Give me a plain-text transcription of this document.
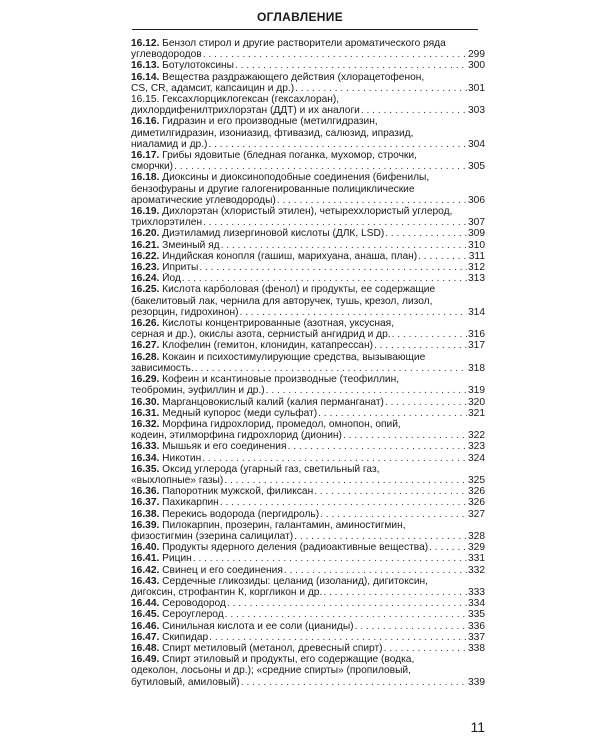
ОГЛАВЛЕНИЕ
16.12.
Бензол стирол и другие растворители ароматического ряда
углеводородов . . .	299
16.13.
Ботулотоксины . . .	300
16.14.
Вещества раздражающего действия (хлорацетофенон,
CS, CR, адамсит, капсаицин и др.) . . .	301
16.15.
Гексахлорциклогексан (гексахлоран),
дихлордифенилтрихлорэтан (ДДТ) и их аналоги . . .	303
16.16.
Гидразин и его производные (метилгидразин,
диметилгидразин, изониазид, фтивазид, салюзид, ипразид,
ниаламид и др.) . . .	304
16.17.
Грибы ядовитые (бледная поганка, мухомор, строчки,
сморчки) . . .	305
16.18.
Диоксины и диоксиноподобные соединения (бифенилы,
бензофураны и другие галогенированные полициклические
ароматические углеводороды) . . .	306
16.19.
Дихлорэтан (хлористый этилен), четыреххлористый углерод,
трихлорэтилен . . .	307
16.20.
Диэтиламид лизергиновой кислоты (ДЛК, LSD) . . .	309
16.21.
Змеиный яд . . .	310
16.22.
Индийская конопля (гашиш, марихуана, анаша, план) . . .	311
16.23.
Иприты . . .	312
16.24.
Йод . . .	313
16.25.
Кислота карболовая (фенол) и продукты, ее содержащие
(бакелитовый лак, чернила для авторучек, тушь, крезол, лизол,
резорцин, гидрохинон) . . .	314
16.26.
Кислоты концентрированные (азотная, уксусная,
серная и др.), окислы азота, сернистый ангидрид и др. . . .	316
16.27.
Клофелин (гемитон, клонидин, катапрессан) . . .	317
16.28.
Кокаин и психостимулирующие средства, вызывающие
зависимость. . . .	318
16.29.
Кофеин и ксантиновые производные (теофиллин,
теобромин, эуфиллин и др.) . . .	319
16.30.
Марганцовокислый калий (калия перманганат) . . .	320
16.31.
Медный купорос (меди сульфат) . . .	321
16.32.
Морфина гидрохлорид, промедол, омнопон, опий,
кодеин, этилморфина гидрохлорид (дионин) . . .	322
16.33.
Мышьяк и его соединения . . .	323
16.34.
Никотин . . .	324
16.35.
Оксид углерода (угарный газ, светильный газ,
«выхлопные» газы) . . .	325
16.36.
Папоротник мужской, филиксан . . .	326
16.37.
Пахикарпин . . .	326
16.38.
Перекись водорода (пергидроль) . . .	327
16.39.
Пилокарпин, прозерин, галантамин, аминостигмин,
физостигмин (эзерина салицилат) . . .	328
16.40.
Продукты ядерного деления (радиоактивные вещества) . . .	329
16.41.
Рицин . . .	331
16.42.
Свинец и его соединения . . .	332
16.43.
Сердечные гликозиды: целанид (изоланид), дигитоксин,
дигоксин, строфантин К, коргликон и др. . . .	333
16.44.
Сероводород . . .	334
16.45.
Сероуглерод . . .	335
16.46.
Синильная кислота и ее соли (цианиды) . . .	336
16.47.
Скипидар . . .	337
16.48.
Спирт метиловый (метанол, древесный спирт) . . .	338
16.49.
Спирт этиловый и продукты, его содержащие (водка,
одеколон, лосьоны и др.); «средние спирты» (пропиловый,
бутиловый, амиловый) . . .	339
11
